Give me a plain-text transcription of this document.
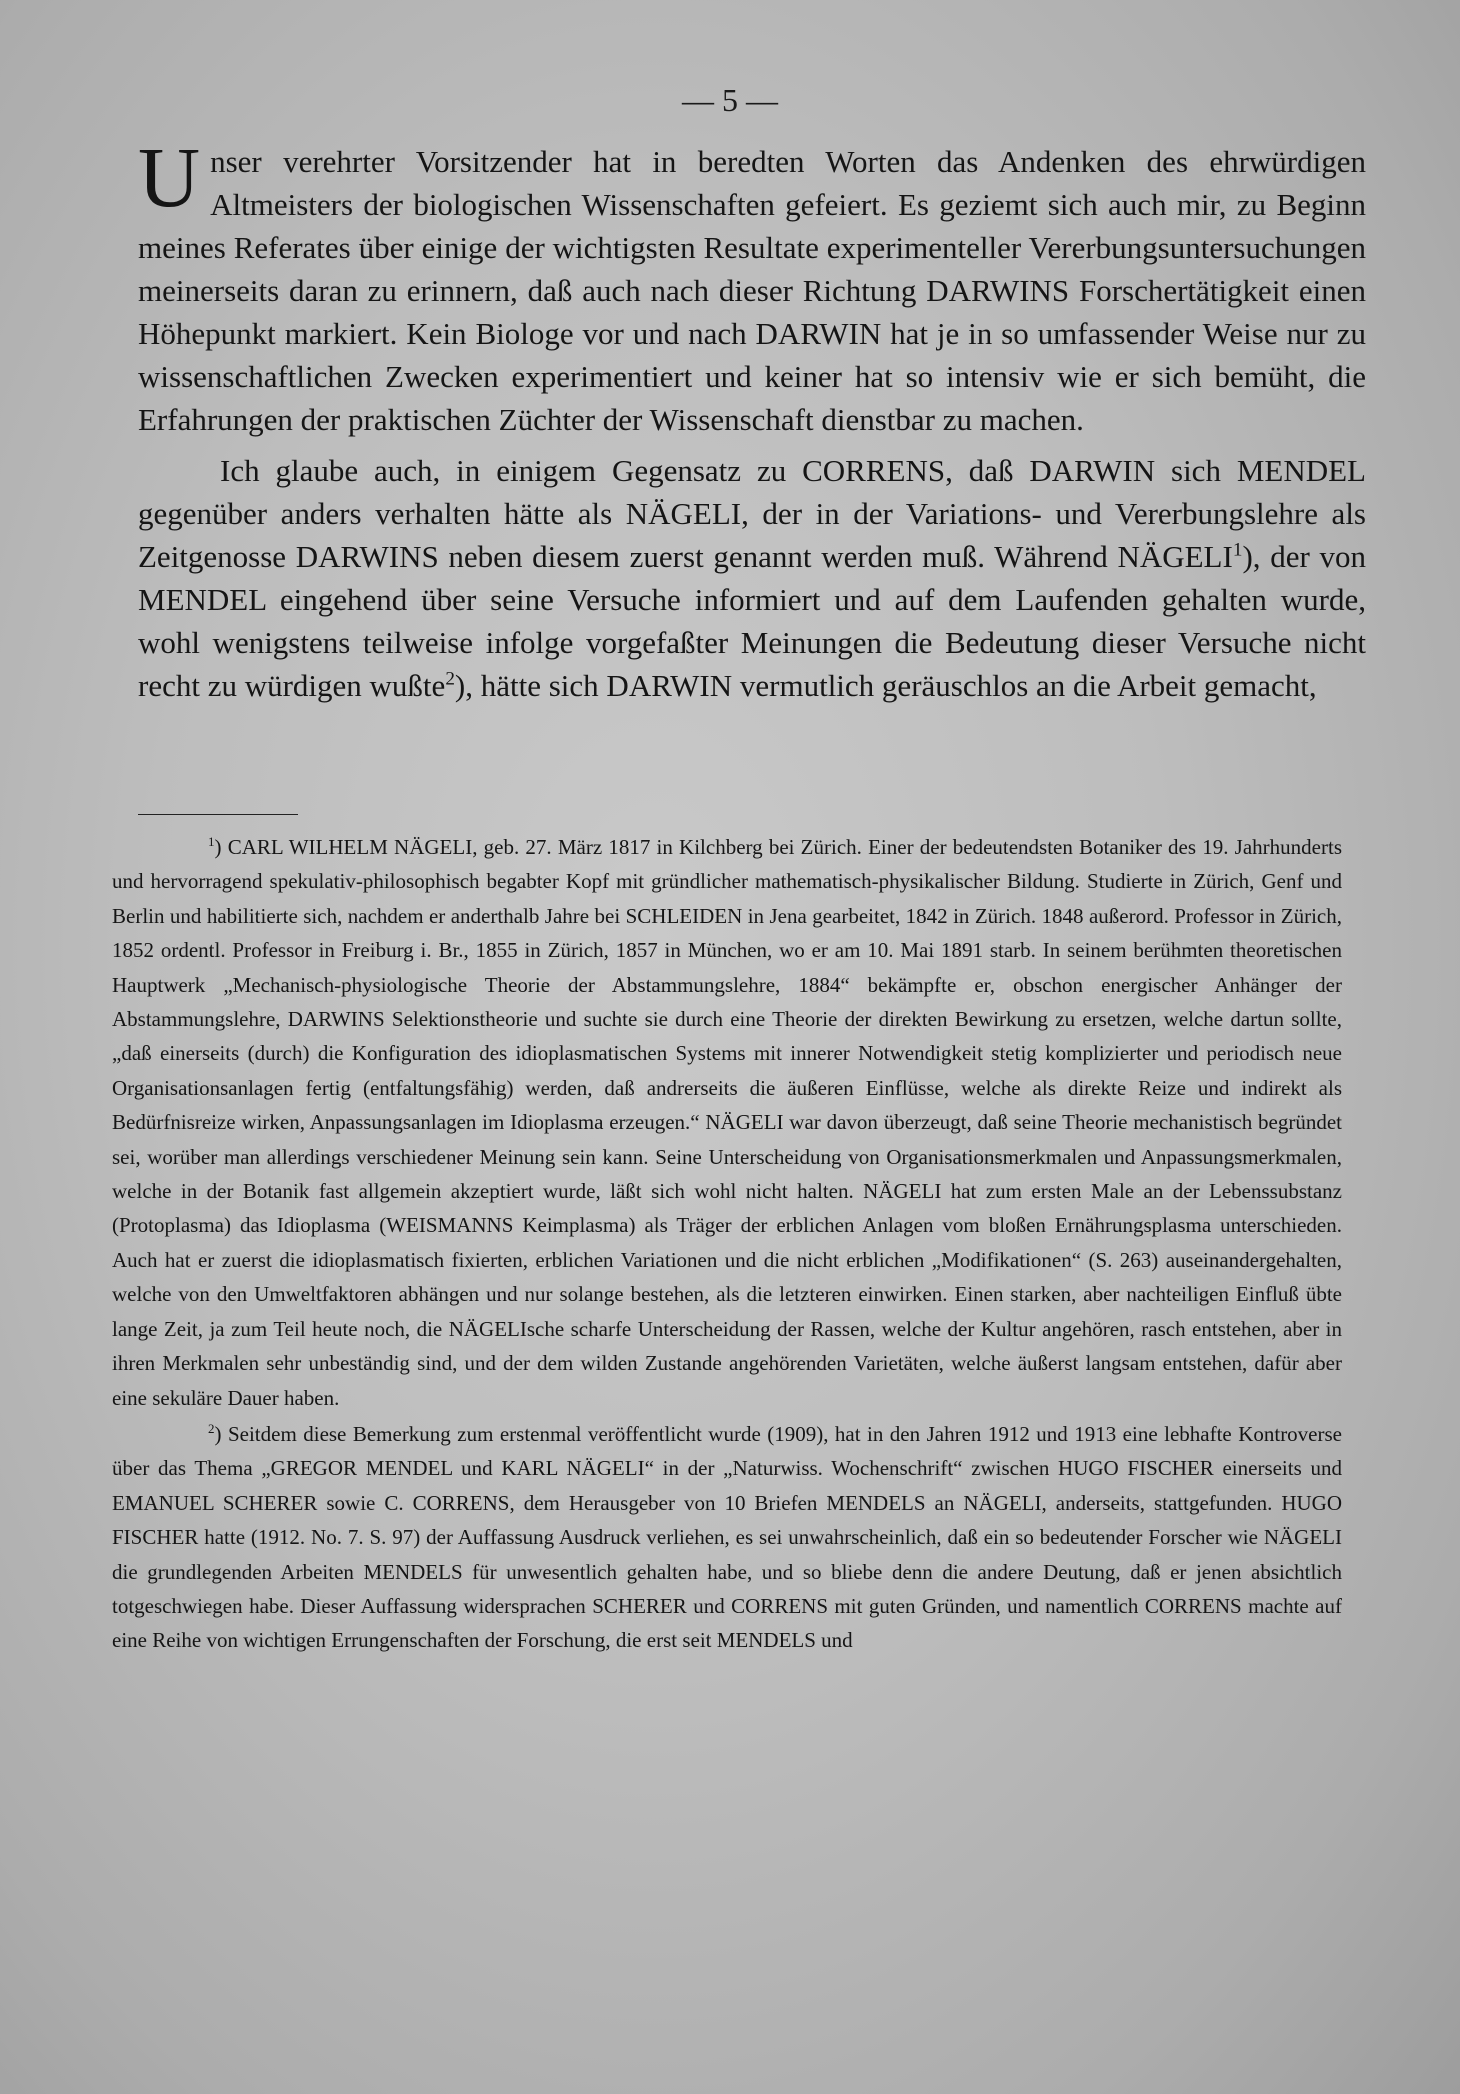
— 5 —

Unser verehrter Vorsitzender hat in beredten Worten das Andenken des ehrwürdigen Altmeisters der biologischen Wissenschaften gefeiert. Es geziemt sich auch mir, zu Beginn meines Referates über einige der wichtigsten Resultate experimenteller Vererbungsuntersuchungen meinerseits daran zu erinnern, daß auch nach dieser Richtung DARWINS Forschertätigkeit einen Höhepunkt markiert. Kein Biologe vor und nach DARWIN hat je in so umfassender Weise nur zu wissenschaftlichen Zwecken experimentiert und keiner hat so intensiv wie er sich bemüht, die Erfahrungen der praktischen Züchter der Wissenschaft dienstbar zu machen.

Ich glaube auch, in einigem Gegensatz zu CORRENS, daß DARWIN sich MENDEL gegenüber anders verhalten hätte als NÄGELI, der in der Variations- und Vererbungslehre als Zeitgenosse DARWINS neben diesem zuerst genannt werden muß. Während NÄGELI$^1$), der von MENDEL eingehend über seine Versuche informiert und auf dem Laufenden gehalten wurde, wohl wenigstens teilweise infolge vorgefaßter Meinungen die Bedeutung dieser Versuche nicht recht zu würdigen wußte$^2$), hätte sich DARWIN vermutlich geräuschlos an die Arbeit gemacht,

$^1$) CARL WILHELM NÄGELI, geb. 27. März 1817 in Kilchberg bei Zürich. Einer der bedeutendsten Botaniker des 19. Jahrhunderts und hervorragend spekulativ-philosophisch begabter Kopf mit gründlicher mathematisch-physikalischer Bildung. Studierte in Zürich, Genf und Berlin und habilitierte sich, nachdem er anderthalb Jahre bei SCHLEIDEN in Jena gearbeitet, 1842 in Zürich. 1848 außerord. Professor in Zürich, 1852 ordentl. Professor in Freiburg i. Br., 1855 in Zürich, 1857 in München, wo er am 10. Mai 1891 starb. In seinem berühmten theoretischen Hauptwerk „Mechanisch-physiologische Theorie der Abstammungslehre, 1884“ bekämpfte er, obschon energischer Anhänger der Abstammungslehre, DARWINS Selektionstheorie und suchte sie durch eine Theorie der direkten Bewirkung zu ersetzen, welche dartun sollte, „daß einerseits (durch) die Konfiguration des idioplasmatischen Systems mit innerer Notwendigkeit stetig komplizierter und periodisch neue Organisationsanlagen fertig (entfaltungsfähig) werden, daß andrerseits die äußeren Einflüsse, welche als direkte Reize und indirekt als Bedürfnisreize wirken, Anpassungsanlagen im Idioplasma erzeugen.“ NÄGELI war davon überzeugt, daß seine Theorie mechanistisch begründet sei, worüber man allerdings verschiedener Meinung sein kann. Seine Unterscheidung von Organisationsmerkmalen und Anpassungsmerkmalen, welche in der Botanik fast allgemein akzeptiert wurde, läßt sich wohl nicht halten. NÄGELI hat zum ersten Male an der Lebenssubstanz (Protoplasma) das Idioplasma (WEISMANNS Keimplasma) als Träger der erblichen Anlagen vom bloßen Ernährungsplasma unterschieden. Auch hat er zuerst die idioplasmatisch fixierten, erblichen Variationen und die nicht erblichen „Modifikationen“ (S. 263) auseinandergehalten, welche von den Umweltfaktoren abhängen und nur solange bestehen, als die letzteren einwirken. Einen starken, aber nachteiligen Einfluß übte lange Zeit, ja zum Teil heute noch, die NÄGELIsche scharfe Unterscheidung der Rassen, welche der Kultur angehören, rasch entstehen, aber in ihren Merkmalen sehr unbeständig sind, und der dem wilden Zustande angehörenden Varietäten, welche äußerst langsam entstehen, dafür aber eine sekuläre Dauer haben.

$^2$) Seitdem diese Bemerkung zum erstenmal veröffentlicht wurde (1909), hat in den Jahren 1912 und 1913 eine lebhafte Kontroverse über das Thema „GREGOR MENDEL und KARL NÄGELI“ in der „Naturwiss. Wochenschrift“ zwischen HUGO FISCHER einerseits und EMANUEL SCHERER sowie C. CORRENS, dem Herausgeber von 10 Briefen MENDELS an NÄGELI, anderseits, stattgefunden. HUGO FISCHER hatte (1912. No. 7. S. 97) der Auffassung Ausdruck verliehen, es sei unwahrscheinlich, daß ein so bedeutender Forscher wie NÄGELI die grundlegenden Arbeiten MENDELS für unwesentlich gehalten habe, und so bliebe denn die andere Deutung, daß er jenen absichtlich totgeschwiegen habe. Dieser Auffassung widersprachen SCHERER und CORRENS mit guten Gründen, und namentlich CORRENS machte auf eine Reihe von wichtigen Errungenschaften der Forschung, die erst seit MENDELS und
